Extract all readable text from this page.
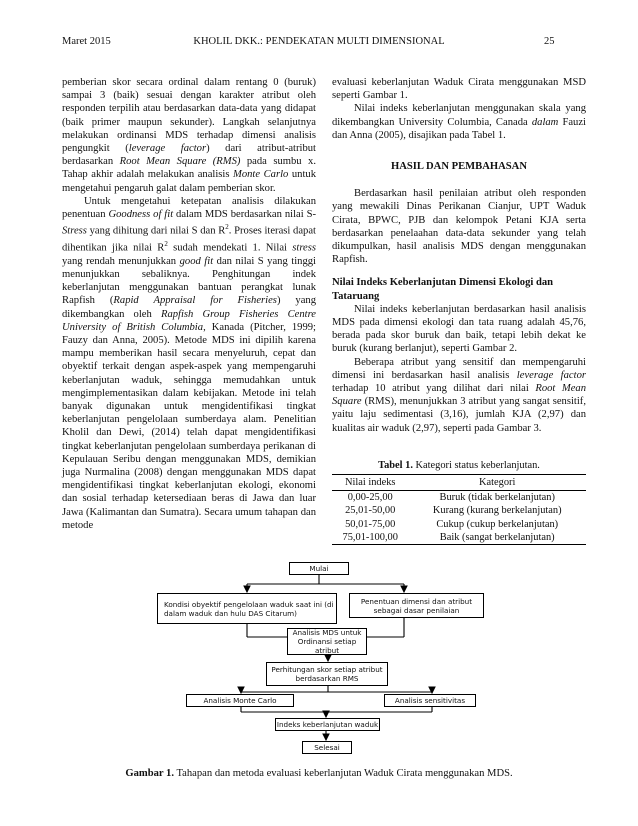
Maret 2015	KHOLIL DKK.: PENDEKATAN MULTI DIMENSIONAL	25

pemberian skor secara ordinal dalam rentang 0 (buruk) sampai 3 (baik) sesuai dengan karakter atribut oleh responden terpilih atau berdasarkan data-data yang didapat (baik primer maupun sekunder). Langkah selanjutnya melakukan ordinansi MDS terhadap dimensi analisis pengungkit (leverage factor) dari atribut-atribut berdasarkan Root Mean Square (RMS) pada sumbu x. Tahap akhir adalah melakukan analisis Monte Carlo untuk mengetahui pengaruh galat dalam pemberian skor.

Untuk mengetahui ketepatan analisis dilakukan penentuan Goodness of fit dalam MDS berdasarkan nilai S-Stress yang dihitung dari nilai S dan $R^2$. Proses iterasi dapat dihentikan jika nilai $R^2$ sudah mendekati 1. Nilai stress yang rendah menunjukkan good fit dan nilai S yang tinggi menunjukkan sebaliknya. Penghitungan indek keberlanjutan menggunakan bantuan perangkat lunak Rapfish (Rapid Appraisal for Fisheries) yang dikembangkan oleh Rapfish Group Fisheries Centre University of British Columbia, Kanada (Pitcher, 1999; Fauzy dan Anna, 2005). Metode MDS ini dipilih karena mampu memberikan hasil secara menyeluruh, cepat dan obyektif terkait dengan aspek-aspek yang mempengaruhi keberlanjutan waduk, sehingga memudahkan untuk mengimplementasikan dalam kebijakan. Metode ini telah banyak digunakan untuk mengidentifikasi tingkat keberlanjutan pengelolaan sumberdaya alam. Penelitian Kholil dan Dewi, (2014) telah dapat mengidentifikasi tingkat keberlanjutan pengelolaan sumberdaya perikanan di Kepulauan Seribu dengan menggunakan MDS, demikian juga Nurmalina (2008) dengan menggunakan MDS dapat mengidentifikasi tingkat keberlanjutan ekologi, ekonomi dan sosial terhadap ketersediaan beras di Jawa dan luar Jawa (Kalimantan dan Sumatra). Secara umum tahapan dan metode

evaluasi keberlanjutan Waduk Cirata menggunakan MSD seperti Gambar 1.

Nilai indeks keberlanjutan menggunakan skala yang dikembangkan University Columbia, Canada dalam Fauzi dan Anna (2005), disajikan pada Tabel 1.

HASIL DAN PEMBAHASAN

Berdasarkan hasil penilaian atribut oleh responden yang mewakili Dinas Perikanan Cianjur, UPT Waduk Cirata, BPWC, PJB dan kelompok Petani KJA serta berdasarkan penelaahan data-data sekunder yang telah dikumpulkan, hasil analisis MDS dengan menggunakan Rapfish.

Nilai Indeks Keberlanjutan Dimensi Ekologi dan Tataruang

Nilai indeks keberlanjutan berdasarkan hasil analisis MDS pada dimensi ekologi dan tata ruang adalah 45,76, berada pada skor buruk dan baik, tetapi lebih dekat ke buruk (kurang berlanjut), seperti Gambar 2.

Beberapa atribut yang sensitif dan mempengaruhi dimensi ini berdasarkan hasil analisis leverage factor terhadap 10 atribut yang dilihat dari nilai Root Mean Square (RMS), menunjukkan 3 atribut yang sangat sensitif, yaitu laju sedimentasi (3,16), jumlah KJA (2,97) dan kualitas air waduk (2,97), seperti pada Gambar 3.

Tabel 1. Kategori status keberlanjutan.
Nilai indeks	Kategori
0,00-25,00	Buruk (tidak berkelanjutan)
25,01-50,00	Kurang (kurang berkelanjutan)
50,01-75,00	Cukup (cukup berkelanjutan)
75,01-100,00	Baik (sangat berkelanjutan)
Mulai
Kondisi obyektif pengelolaan waduk saat ini (di dalam waduk dan hulu DAS Citarum)
Penentuan dimensi dan atribut sebagai dasar penilaian
Analisis MDS untuk Ordinansi setiap atribut
Perhitungan skor setiap atribut berdasarkan RMS
Analisis Monte Carlo	Analisis sensitivitas
Indeks keberlanjutan waduk
Selesai
Gambar 1. Tahapan dan metoda evaluasi keberlanjutan Waduk Cirata menggunakan MDS.
